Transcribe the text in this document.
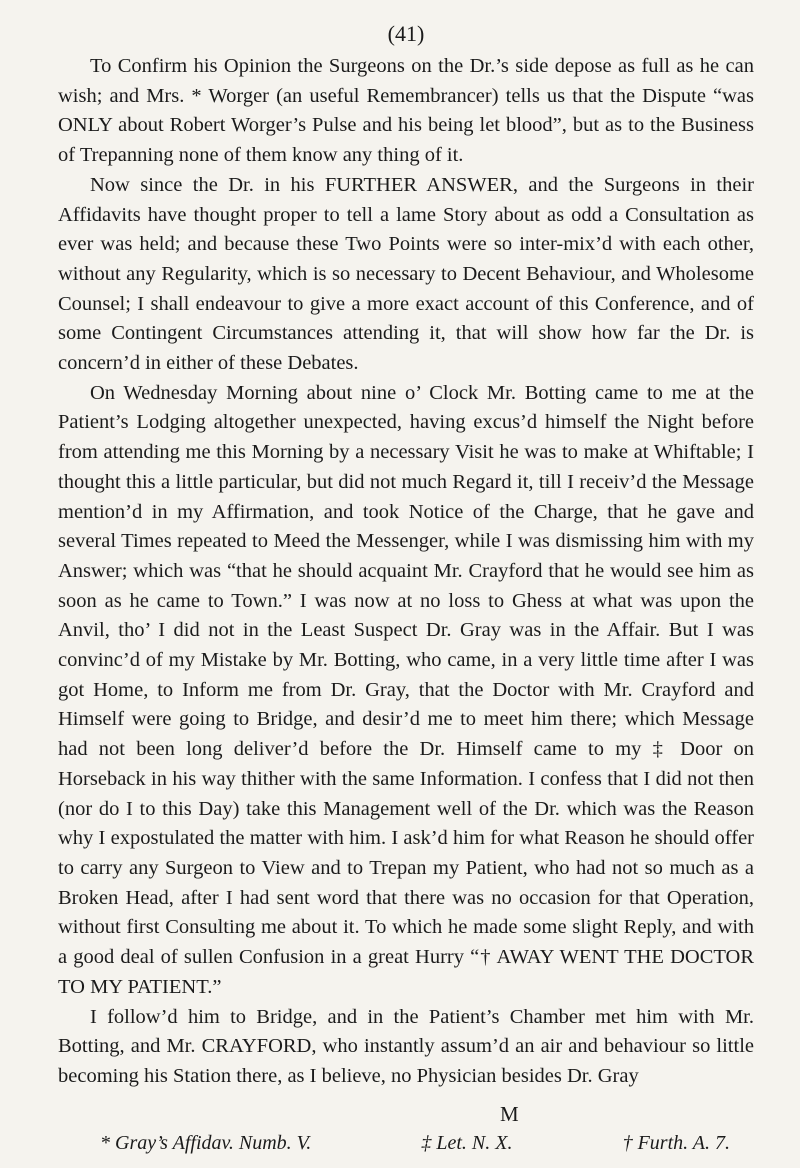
(41)

To Confirm his Opinion the Surgeons on the Dr.’s side depose as full as he can wish; and Mrs. * Worger (an useful Remembrancer) tells us that the Dispute “was ONLY about Robert Worger’s Pulse and his being let blood”, but as to the Business of Trepanning none of them know any thing of it.

Now since the Dr. in his FURTHER ANSWER, and the Surgeons in their Affidavits have thought proper to tell a lame Story about as odd a Consultation as ever was held; and because these Two Points were so inter-mix’d with each other, without any Regularity, which is so necessary to Decent Behaviour, and Wholesome Counsel; I shall endeavour to give a more exact account of this Conference, and of some Contingent Circumstances attending it, that will show how far the Dr. is concern’d in either of these Debates.

On Wednesday Morning about nine o’ Clock Mr. Botting came to me at the Patient’s Lodging altogether unexpected, having excus’d himself the Night before from attending me this Morning by a necessary Visit he was to make at Whiftable; I thought this a little particular, but did not much Regard it, till I receiv’d the Message mention’d in my Affirmation, and took Notice of the Charge, that he gave and several Times repeated to Meed the Messenger, while I was dismissing him with my Answer; which was “that he should acquaint Mr. Crayford that he would see him as soon as he came to Town.” I was now at no loss to Ghess at what was upon the Anvil, tho’ I did not in the Least Suspect Dr. Gray was in the Affair. But I was convinc’d of my Mistake by Mr. Botting, who came, in a very little time after I was got Home, to Inform me from Dr. Gray, that the Doctor with Mr. Crayford and Himself were going to Bridge, and desir’d me to meet him there; which Message had not been long deliver’d before the Dr. Himself came to my ‡ Door on Horseback in his way thither with the same Information. I confess that I did not then (nor do I to this Day) take this Management well of the Dr. which was the Reason why I expostulated the matter with him. I ask’d him for what Reason he should offer to carry any Surgeon to View and to Trepan my Patient, who had not so much as a Broken Head, after I had sent word that there was no occasion for that Operation, without first Consulting me about it. To which he made some slight Reply, and with a good deal of sullen Confusion in a great Hurry “† AWAY WENT THE DOCTOR TO MY PATIENT.”

I follow’d him to Bridge, and in the Patient’s Chamber met him with Mr. Botting, and Mr. CRAYFORD, who instantly assum’d an air and behaviour so little becoming his Station there, as I believe, no Physician besides Dr. Gray

M
* Gray’s Affidav. Numb. V.	‡ Let. N. X.	† Furth. A. 7.
